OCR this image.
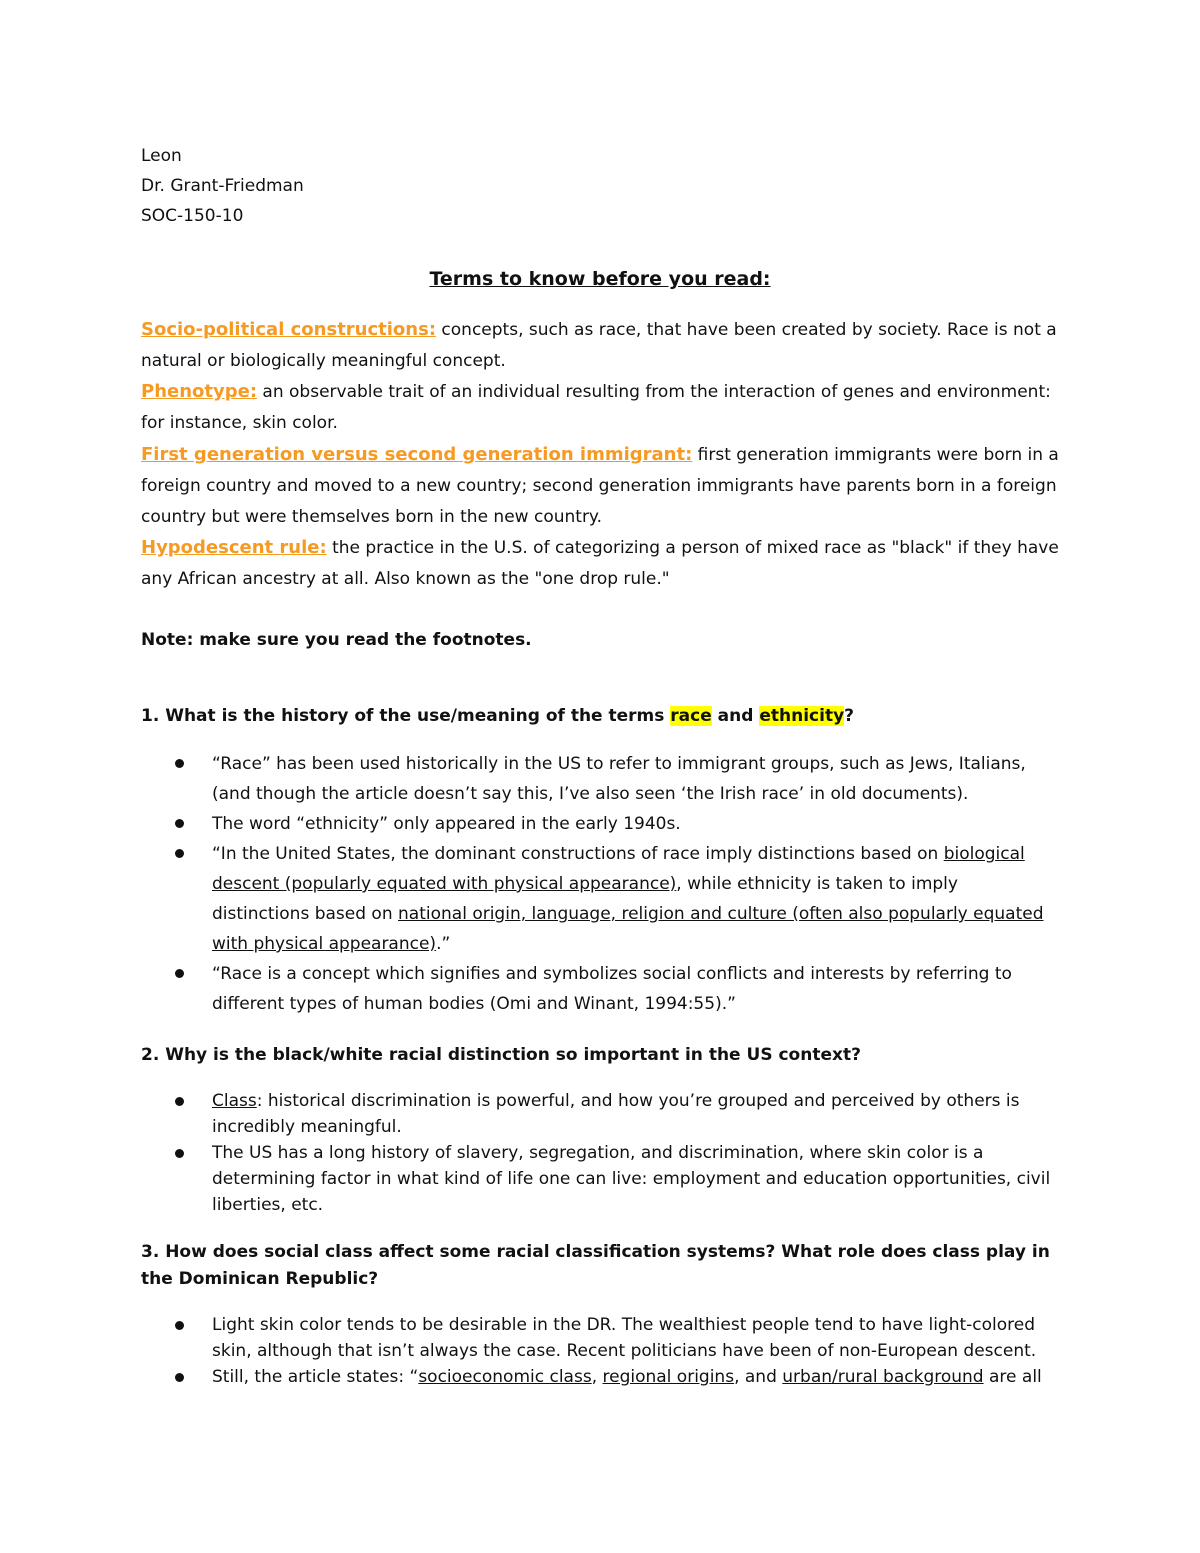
Leon
Dr. Grant-Friedman
SOC-150-10
Terms to know before you read:
Socio-political constructions: concepts, such as race, that have been created by society. Race is not a natural or biologically meaningful concept.
Phenotype: an observable trait of an individual resulting from the interaction of genes and environment: for instance, skin color.
First generation versus second generation immigrant: first generation immigrants were born in a foreign country and moved to a new country; second generation immigrants have parents born in a foreign country but were themselves born in the new country.
Hypodescent rule: the practice in the U.S. of categorizing a person of mixed race as "black" if they have any African ancestry at all. Also known as the "one drop rule."
Note: make sure you read the footnotes.
1. What is the history of the use/meaning of the terms race and ethnicity?
“Race” has been used historically in the US to refer to immigrant groups, such as Jews, Italians, (and though the article doesn’t say this, I’ve also seen ‘the Irish race’ in old documents).
The word “ethnicity” only appeared in the early 1940s.
“In the United States, the dominant constructions of race imply distinctions based on biological descent (popularly equated with physical appearance), while ethnicity is taken to imply distinctions based on national origin, language, religion and culture (often also popularly equated with physical appearance).”
“Race is a concept which signifies and symbolizes social conflicts and interests by referring to different types of human bodies (Omi and Winant, 1994:55).”
2. Why is the black/white racial distinction so important in the US context?
Class: historical discrimination is powerful, and how you’re grouped and perceived by others is incredibly meaningful.
The US has a long history of slavery, segregation, and discrimination, where skin color is a determining factor in what kind of life one can live: employment and education opportunities, civil liberties, etc.
3. How does social class affect some racial classification systems? What role does class play in the Dominican Republic?
Light skin color tends to be desirable in the DR. The wealthiest people tend to have light-colored skin, although that isn’t always the case. Recent politicians have been of non-European descent.
Still, the article states: “socioeconomic class, regional origins, and urban/rural background are all
